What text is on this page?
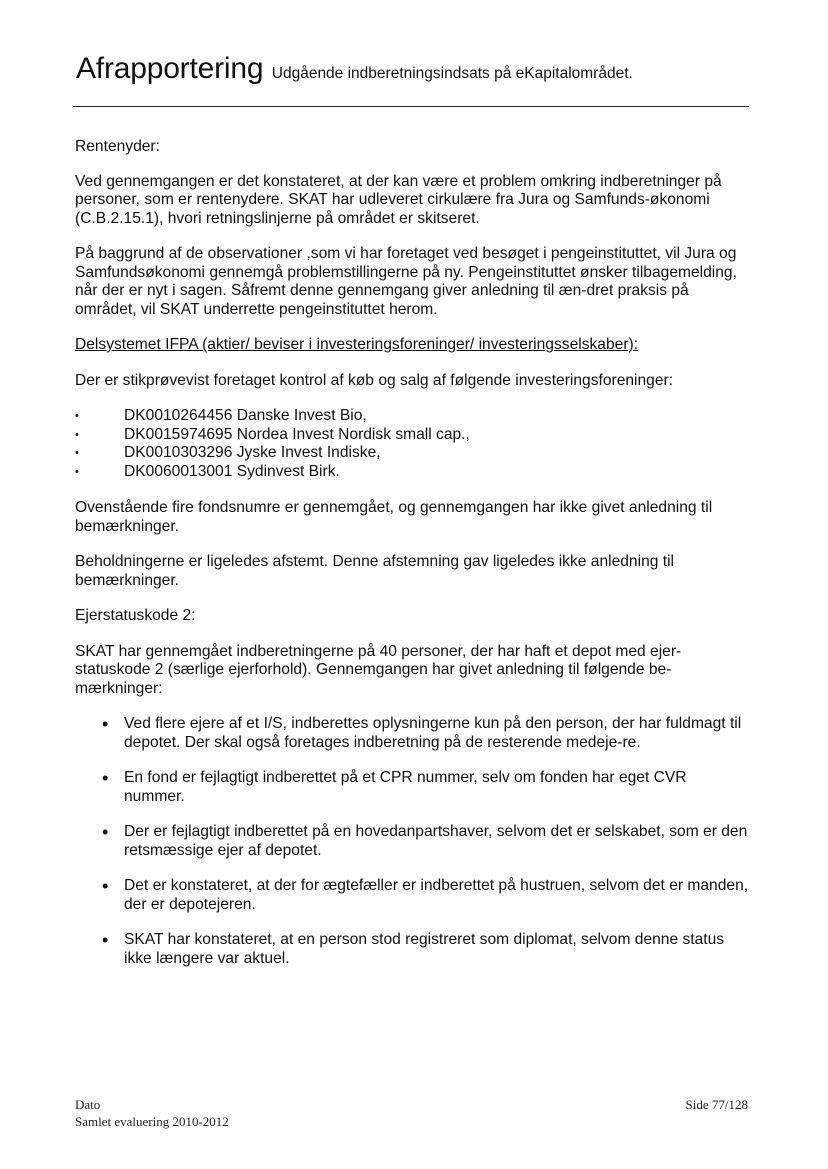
Afrapportering Udgående indberetningsindsats på eKapitalområdet.

Rentenyder:

Ved gennemgangen er det konstateret, at der kan være et problem omkring indberetninger på personer, som er rentenydere. SKAT har udleveret cirkulære fra Jura og Samfunds-økonomi (C.B.2.15.1), hvori retningslinjerne på området er skitseret.

På baggrund af de observationer ,som vi har foretaget ved besøget i pengeinstituttet, vil Jura og Samfundsøkonomi gennemgå problemstillingerne på ny. Pengeinstituttet ønsker tilbagemelding, når der er nyt i sagen. Såfremt denne gennemgang giver anledning til æn-dret praksis på området, vil SKAT underrette pengeinstituttet herom.

Delsystemet IFPA (aktier/ beviser i investeringsforeninger/ investeringsselskaber):

Der er stikprøvevist foretaget kontrol af køb og salg af følgende investeringsforeninger:

• DK0010264456 Danske Invest Bio,
• DK0015974695 Nordea Invest Nordisk small cap.,
• DK0010303296 Jyske Invest Indiske,
• DK0060013001 Sydinvest Birk.

Ovenstående fire fondsnumre er gennemgået, og gennemgangen har ikke givet anledning til bemærkninger.

Beholdningerne er ligeledes afstemt. Denne afstemning gav ligeledes ikke anledning til bemærkninger.

Ejerstatuskode 2:

SKAT har gennemgået indberetningerne på 40 personer, der har haft et depot med ejer-statuskode 2 (særlige ejerforhold). Gennemgangen har givet anledning til følgende be-mærkninger:

• Ved flere ejere af et I/S, indberettes oplysningerne kun på den person, der har fuldmagt til depotet. Der skal også foretages indberetning på de resterende medeje-re.
• En fond er fejlagtigt indberettet på et CPR nummer, selv om fonden har eget CVR nummer.
• Der er fejlagtigt indberettet på en hovedanpartshaver, selvom det er selskabet, som er den retsmæssige ejer af depotet.
• Det er konstateret, at der for ægtefæller er indberettet på hustruen, selvom det er manden, der er depotejeren.
• SKAT har konstateret, at en person stod registreret som diplomat, selvom denne status ikke længere var aktuel.
Dato
Samlet evaluering 2010-2012
Side 77/128
